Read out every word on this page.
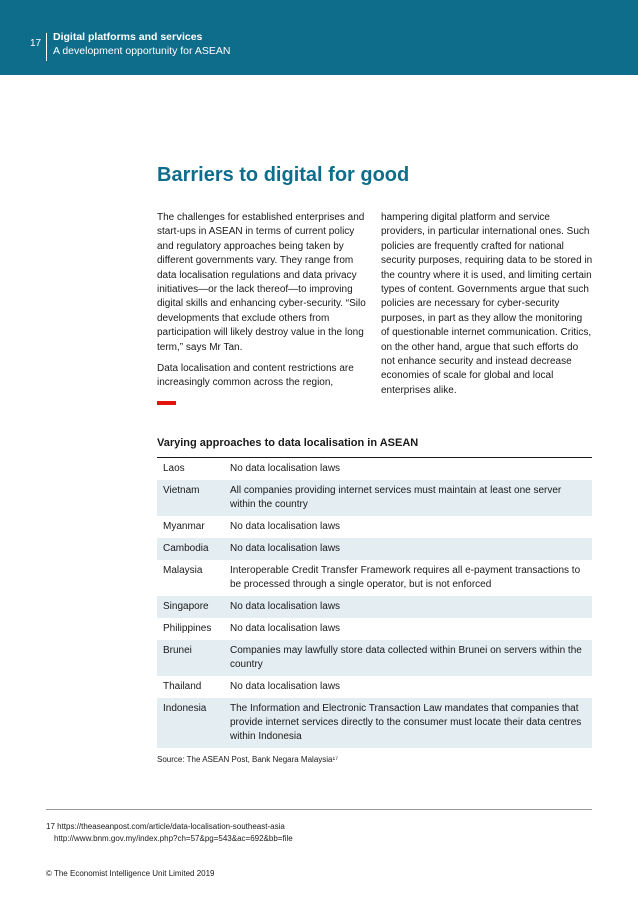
17
Digital platforms and services
A development opportunity for ASEAN
Barriers to digital for good

The challenges for established enterprises and start-ups in ASEAN in terms of current policy and regulatory approaches being taken by different governments vary. They range from data localisation regulations and data privacy initiatives—or the lack thereof—to improving digital skills and enhancing cyber-security. “Silo developments that exclude others from participation will likely destroy value in the long term,” says Mr Tan.

Data localisation and content restrictions are increasingly common across the region,

hampering digital platform and service providers, in particular international ones. Such policies are frequently crafted for national security purposes, requiring data to be stored in the country where it is used, and limiting certain types of content. Governments argue that such policies are necessary for cyber-security purposes, in part as they allow the monitoring of questionable internet communication. Critics, on the other hand, argue that such efforts do not enhance security and instead decrease economies of scale for global and local enterprises alike.

Varying approaches to data localisation in ASEAN
Laos	No data localisation laws
Vietnam	All companies providing internet services must maintain at least one server within the country
Myanmar	No data localisation laws
Cambodia	No data localisation laws
Malaysia	Interoperable Credit Transfer Framework requires all e-payment transactions to be processed through a single operator, but is not enforced
Singapore	No data localisation laws
Philippines	No data localisation laws
Brunei	Companies may lawfully store data collected within Brunei on servers within the country
Thailand	No data localisation laws
Indonesia	The Information and Electronic Transaction Law mandates that companies that provide internet services directly to the consumer must locate their data centres within Indonesia
Source: The ASEAN Post, Bank Negara Malaysia¹⁷
17 https://theaseanpost.com/article/data-localisation-southeast-asia
http://www.bnm.gov.my/index.php?ch=57&pg=543&ac=692&bb=file
© The Economist Intelligence Unit Limited 2019
